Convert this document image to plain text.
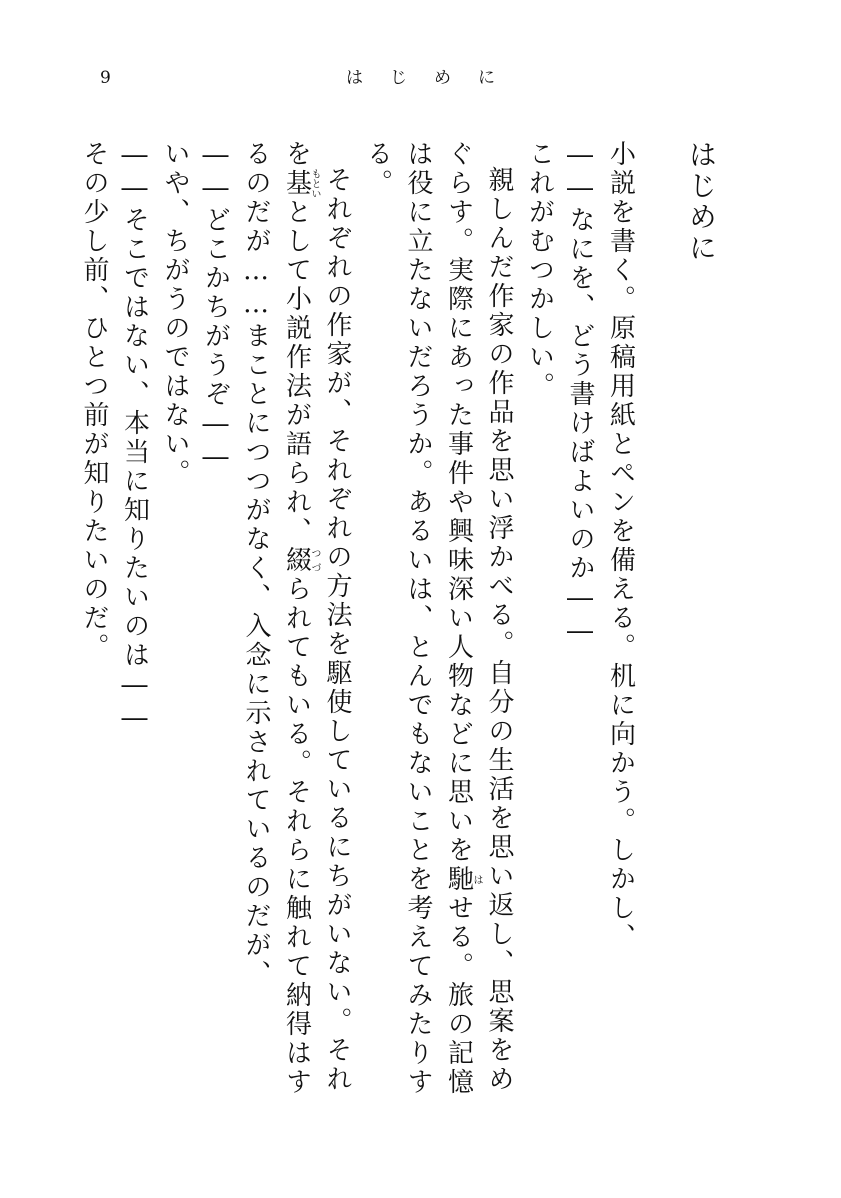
9	はじめに
はじめに
小説を書く。原稿用紙とペンを備える。机に向かう。しかし、
――なにを、どう書けばよいのか――
これがむつかしい。
親しんだ作家の作品を思い浮かべる。自分の生活を思い返し、思案をめぐらす。実際にあった事件や興味深い人物などに思いを馳はせる。旅の記憶は役に立たないだろうか。あるいは、とんでもないことを考えてみたりする。
それぞれの作家が、それぞれの方法を駆使しているにちがいない。それを基もといとして小説作法が語られ、綴つづられてもいる。それらに触れて納得はするのだが……まことにつつがなく、入念に示されているのだが、
――どこかちがうぞ――
いや、ちがうのではない。
――そこではない、本当に知りたいのは――
その少し前、ひとつ前が知りたいのだ。
